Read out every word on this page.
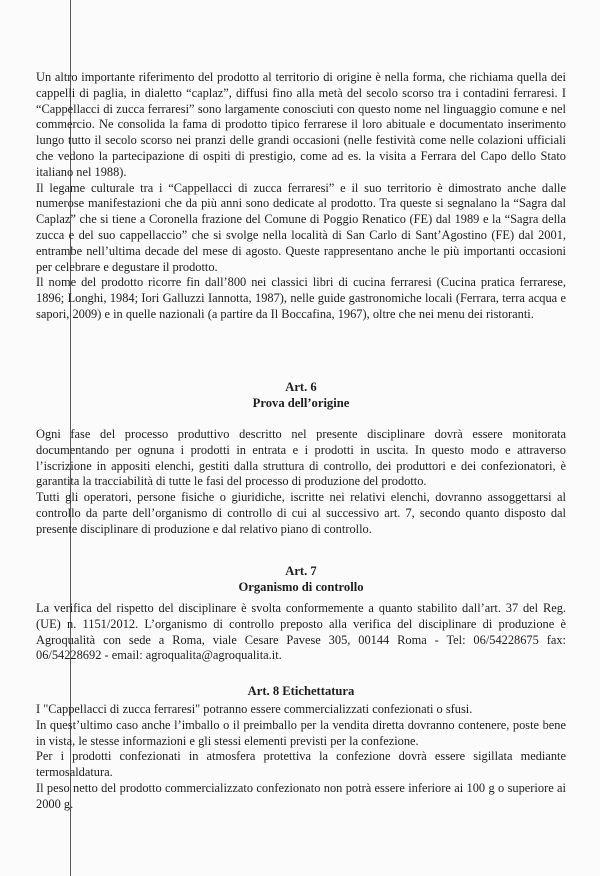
Un altro importante riferimento del prodotto al territorio di origine è nella forma, che richiama quella dei cappelli di paglia, in dialetto “caplaz”, diffusi fino alla metà del secolo scorso tra i contadini ferraresi. I “Cappellacci di zucca ferraresi” sono largamente conosciuti con questo nome nel linguaggio comune e nel commercio. Ne consolida la fama di prodotto tipico ferrarese il loro abituale e documentato inserimento lungo tutto il secolo scorso nei pranzi delle grandi occasioni (nelle festività come nelle colazioni ufficiali che vedono la partecipazione di ospiti di prestigio, come ad es. la visita a Ferrara del Capo dello Stato italiano nel 1988).

Il legame culturale tra i “Cappellacci di zucca ferraresi” e il suo territorio è dimostrato anche dalle numerose manifestazioni che da più anni sono dedicate al prodotto. Tra queste si segnalano la “Sagra dal Caplaz” che si tiene a Coronella frazione del Comune di Poggio Renatico (FE) dal 1989 e la “Sagra della zucca e del suo cappellaccio” che si svolge nella località di San Carlo di Sant’Agostino (FE) dal 2001, entrambe nell’ultima decade del mese di agosto. Queste rappresentano anche le più importanti occasioni per celebrare e degustare il prodotto.

Il nome del prodotto ricorre fin dall’800 nei classici libri di cucina ferraresi (Cucina pratica ferrarese, 1896; Longhi, 1984; Iori Galluzzi Iannotta, 1987), nelle guide gastronomiche locali (Ferrara, terra acqua e sapori, 2009) e in quelle nazionali (a partire da Il Boccafina, 1967), oltre che nei menu dei ristoranti.

Art. 6
Prova dell’origine

Ogni fase del processo produttivo descritto nel presente disciplinare dovrà essere monitorata documentando per ognuna i prodotti in entrata e i prodotti in uscita. In questo modo e attraverso l’iscrizione in appositi elenchi, gestiti dalla struttura di controllo, dei produttori e dei confezionatori, è garantita la tracciabilità di tutte le fasi del processo di produzione del prodotto.

Tutti gli operatori, persone fisiche o giuridiche, iscritte nei relativi elenchi, dovranno assoggettarsi al controllo da parte dell’organismo di controllo di cui al successivo art. 7, secondo quanto disposto dal presente disciplinare di produzione e dal relativo piano di controllo.

Art. 7
Organismo di controllo

La verifica del rispetto del disciplinare è svolta conformemente a quanto stabilito dall’art. 37 del Reg. (UE) n. 1151/2012. L’organismo di controllo preposto alla verifica del disciplinare di produzione è Agroqualità con sede a Roma, viale Cesare Pavese 305, 00144 Roma - Tel: 06/54228675 fax: 06/54228692 - email: agroqualita@agroqualita.it.

Art. 8 Etichettatura

I "Cappellacci di zucca ferraresi" potranno essere commercializzati confezionati o sfusi.

In quest’ultimo caso anche l’imballo o il preimballo per la vendita diretta dovranno contenere, poste bene in vista, le stesse informazioni e gli stessi elementi previsti per la confezione.

Per i prodotti confezionati in atmosfera protettiva la confezione dovrà essere sigillata mediante termosaldatura.

Il peso netto del prodotto commercializzato confezionato non potrà essere inferiore ai 100 g o superiore ai 2000 g.
